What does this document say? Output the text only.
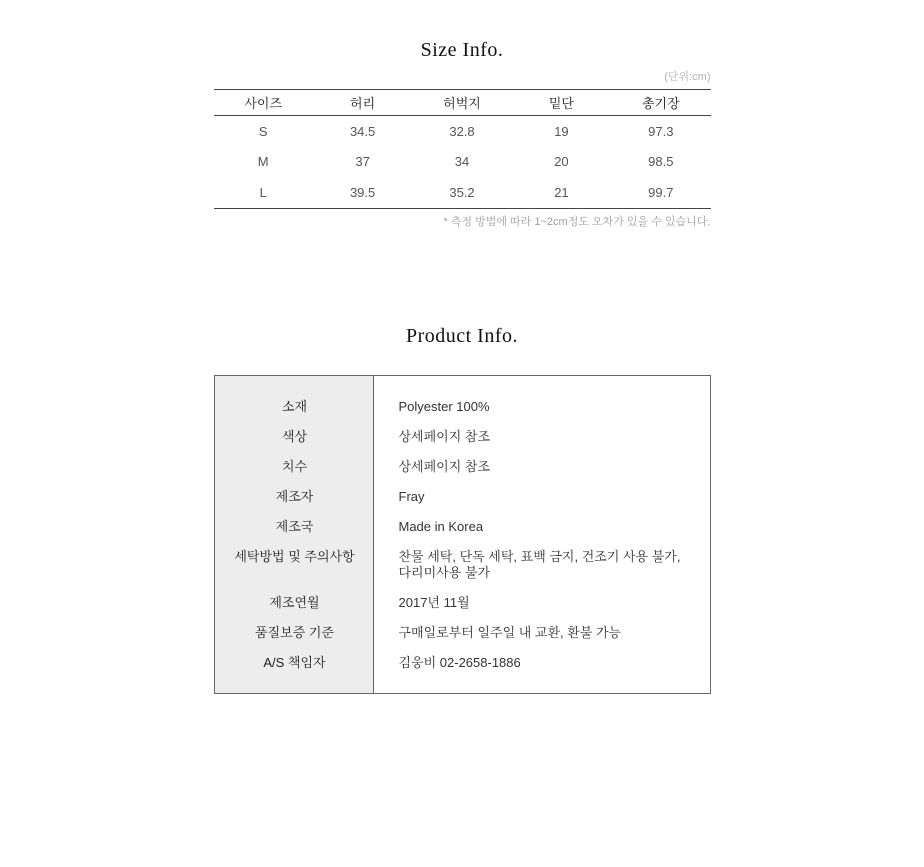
Size Info.
(단위:cm)
사이즈	허리	허벅지	밑단	총기장
S	34.5	32.8	19	97.3
M	37	34	20	98.5
L	39.5	35.2	21	99.7
* 측정 방법에 따라 1~2cm정도 오차가 있을 수 있습니다.
Product Info.
소재	Polyester 100%
색상	상세페이지 참조
치수	상세페이지 참조
제조자	Fray
제조국	Made in Korea
세탁방법 및 주의사항	찬물 세탁, 단독 세탁, 표백 금지, 건조기 사용 불가,
다리미사용 불가
제조연월	2017년 11월
품질보증 기준	구매일로부터 일주일 내 교환, 환불 가능
A/S 책임자	김웅비 02-2658-1886
